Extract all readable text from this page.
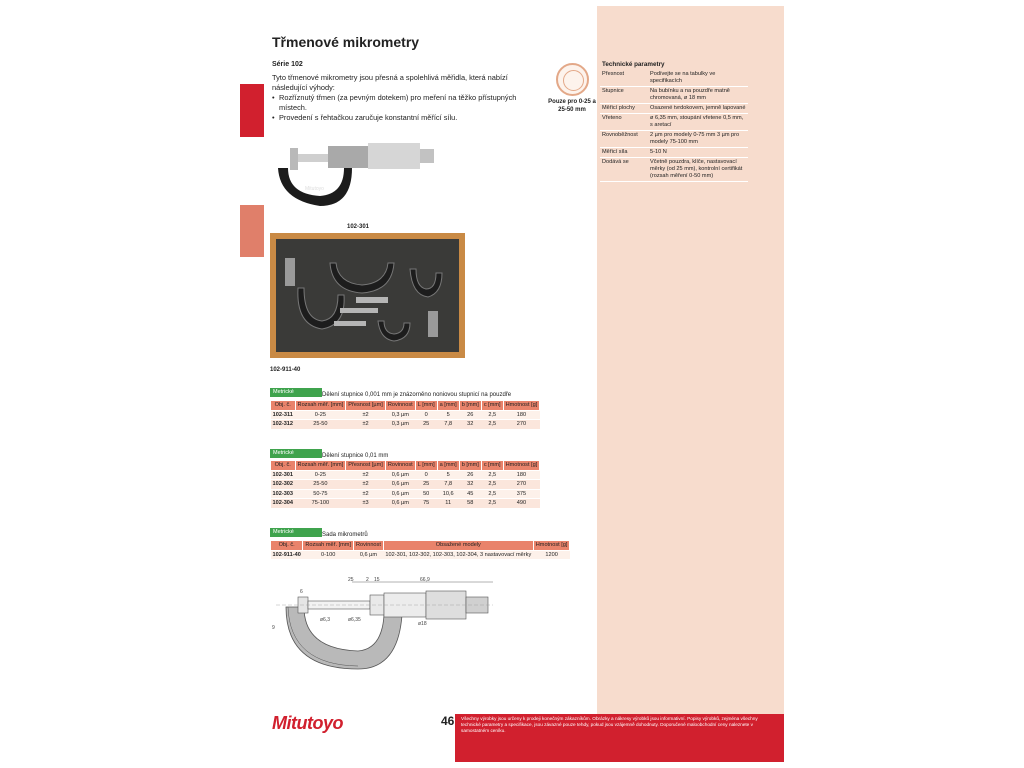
Třmenové mikrometry
Série 102

Tyto třmenové mikrometry jsou přesná a spolehlivá měřidla, která nabízí následující výhody:

• Rozříznutý třmen (za pevným dotekem) pro meření na těžko přístupných místech.
• Provedení s řehtačkou zaručuje konstantní měřící sílu.
Pouze pro 0-25 a 25-50 mm
Technické parametry
Přesnost	Podívejte se na tabulky ve specifikacích
Stupnice	Na bubínku a na pouzdře matně chromovaná, ø 18 mm
Měřicí plochy	Osazené tvrdokovem, jemně lapované
Vřeteno	ø 6,35 mm, stoupání vřetene 0,5 mm, s aretací
Rovnoběžnost	2 µm pro modely 0-75 mm 3 µm pro modely 75-100 mm
Měřicí síla	5-10 N
Dodává se	Včetně pouzdra, klíče, nastavovací měrky (od 25 mm), kontrolní certifikát (rozsah měření 0-50 mm)
Mitutoyo
102-301
102-911-40
Metrické	Dělení stupnice 0,001 mm je znázorněno noniovou stupnicí na pouzdře
Obj. č.	Rozsah měř. [mm]	Přesnost [µm]	Rovinnost	L [mm]	a [mm]	b [mm]	c [mm]	Hmotnost [g]
102-311	0-25	±2	0,3 µm	0	5	26	2,5	180
102-312	25-50	±2	0,3 µm	25	7,8	32	2,5	270
Metrické	Dělení stupnice 0,01 mm
Obj. č.	Rozsah měř. [mm]	Přesnost [µm]	Rovinnost	L [mm]	a [mm]	b [mm]	c [mm]	Hmotnost [g]
102-301	0-25	±2	0,6 µm	0	5	26	2,5	180
102-302	25-50	±2	0,6 µm	25	7,8	32	2,5	270
102-303	50-75	±2	0,6 µm	50	10,6	45	2,5	375
102-304	75-100	±3	0,6 µm	75	11	58	2,5	490
Metrické	Sada mikrometrů
Obj. č.	Rozsah měř. [mm]	Rovinnost	Obsažené modely	Hmotnost [g]
102-911-40	0-100	0,6 µm	102-301, 102-302, 102-303, 102-304, 3 nastavovací měrky	1200
25 2 15	66,9
6
ø6,3	ø6,35
ø18
9
Mitutoyo	46 Všechny výrobky jsou určeny k prodeji konečným zákazníkům. Obrázky a nákresy výrobků jsou informativní. Popisy výrobků, zejména všechny technické parametry a specifikace, jsou závazné pouze tehdy, pokud jsou vzájemně dohodnuty. Doporučené maloobchodní ceny naleznete v samostatném ceníku.
